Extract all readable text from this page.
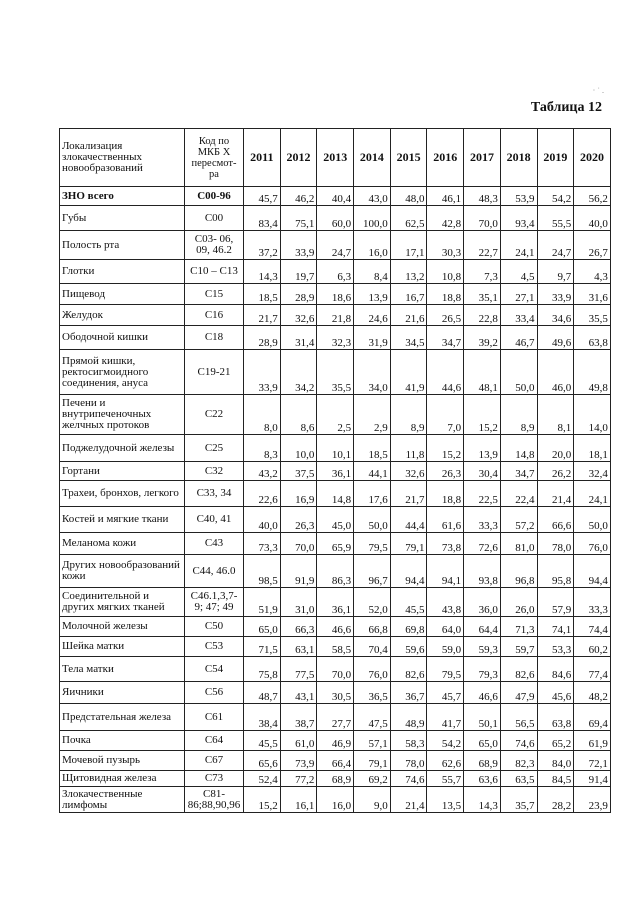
· ˙ .
Таблица 12
Локализация злокачественных новообразований	Код по МКБ X пересмот-ра	2011	2012	2013	2014	2015	2016	2017	2018	2019	2020
ЗНО всего	С00-96	45,7	46,2	40,4	43,0	48,0	46,1	48,3	53,9	54,2	56,2
Губы	С00	83,4	75,1	60,0	100,0	62,5	42,8	70,0	93,4	55,5	40,0
Полость рта	С03- 06, 09, 46.2	37,2	33,9	24,7	16,0	17,1	30,3	22,7	24,1	24,7	26,7
Глотки	С10 – С13	14,3	19,7	6,3	8,4	13,2	10,8	7,3	4,5	9,7	4,3
Пищевод	С15	18,5	28,9	18,6	13,9	16,7	18,8	35,1	27,1	33,9	31,6
Желудок	С16	21,7	32,6	21,8	24,6	21,6	26,5	22,8	33,4	34,6	35,5
Ободочной кишки	С18	28,9	31,4	32,3	31,9	34,5	34,7	39,2	46,7	49,6	63,8
Прямой кишки, ректосигмоидного соединения, ануса	С19-21	33,9	34,2	35,5	34,0	41,9	44,6	48,1	50,0	46,0	49,8
Печени и внутрипеченочных желчных протоков	С22	8,0	8,6	2,5	2,9	8,9	7,0	15,2	8,9	8,1	14,0
Поджелудочной железы	С25	8,3	10,0	10,1	18,5	11,8	15,2	13,9	14,8	20,0	18,1
Гортани	С32	43,2	37,5	36,1	44,1	32,6	26,3	30,4	34,7	26,2	32,4
Трахеи, бронхов, легкого	С33, 34	22,6	16,9	14,8	17,6	21,7	18,8	22,5	22,4	21,4	24,1
Костей и мягкие ткани	С40, 41	40,0	26,3	45,0	50,0	44,4	61,6	33,3	57,2	66,6	50,0
Меланома кожи	С43	73,3	70,0	65,9	79,5	79,1	73,8	72,6	81,0	78,0	76,0
Других новообразований кожи	С44, 46.0	98,5	91,9	86,3	96,7	94,4	94,1	93,8	96,8	95,8	94,4
Соединительной и других мягких тканей	С46.1,3,7-9; 47; 49	51,9	31,0	36,1	52,0	45,5	43,8	36,0	26,0	57,9	33,3
Молочной железы	С50	65,0	66,3	46,6	66,8	69,8	64,0	64,4	71,3	74,1	74,4
Шейка матки	С53	71,5	63,1	58,5	70,4	59,6	59,0	59,3	59,7	53,3	60,2
Тела матки	С54	75,8	77,5	70,0	76,0	82,6	79,5	79,3	82,6	84,6	77,4
Яичники	С56	48,7	43,1	30,5	36,5	36,7	45,7	46,6	47,9	45,6	48,2
Предстательная железа	С61	38,4	38,7	27,7	47,5	48,9	41,7	50,1	56,5	63,8	69,4
Почка	С64	45,5	61,0	46,9	57,1	58,3	54,2	65,0	74,6	65,2	61,9
Мочевой пузырь	С67	65,6	73,9	66,4	79,1	78,0	62,6	68,9	82,3	84,0	72,1
Щитовидная железа	С73	52,4	77,2	68,9	69,2	74,6	55,7	63,6	63,5	84,5	91,4
Злокачественные лимфомы	С81-86;88,90,96	15,2	16,1	16,0	9,0	21,4	13,5	14,3	35,7	28,2	23,9
